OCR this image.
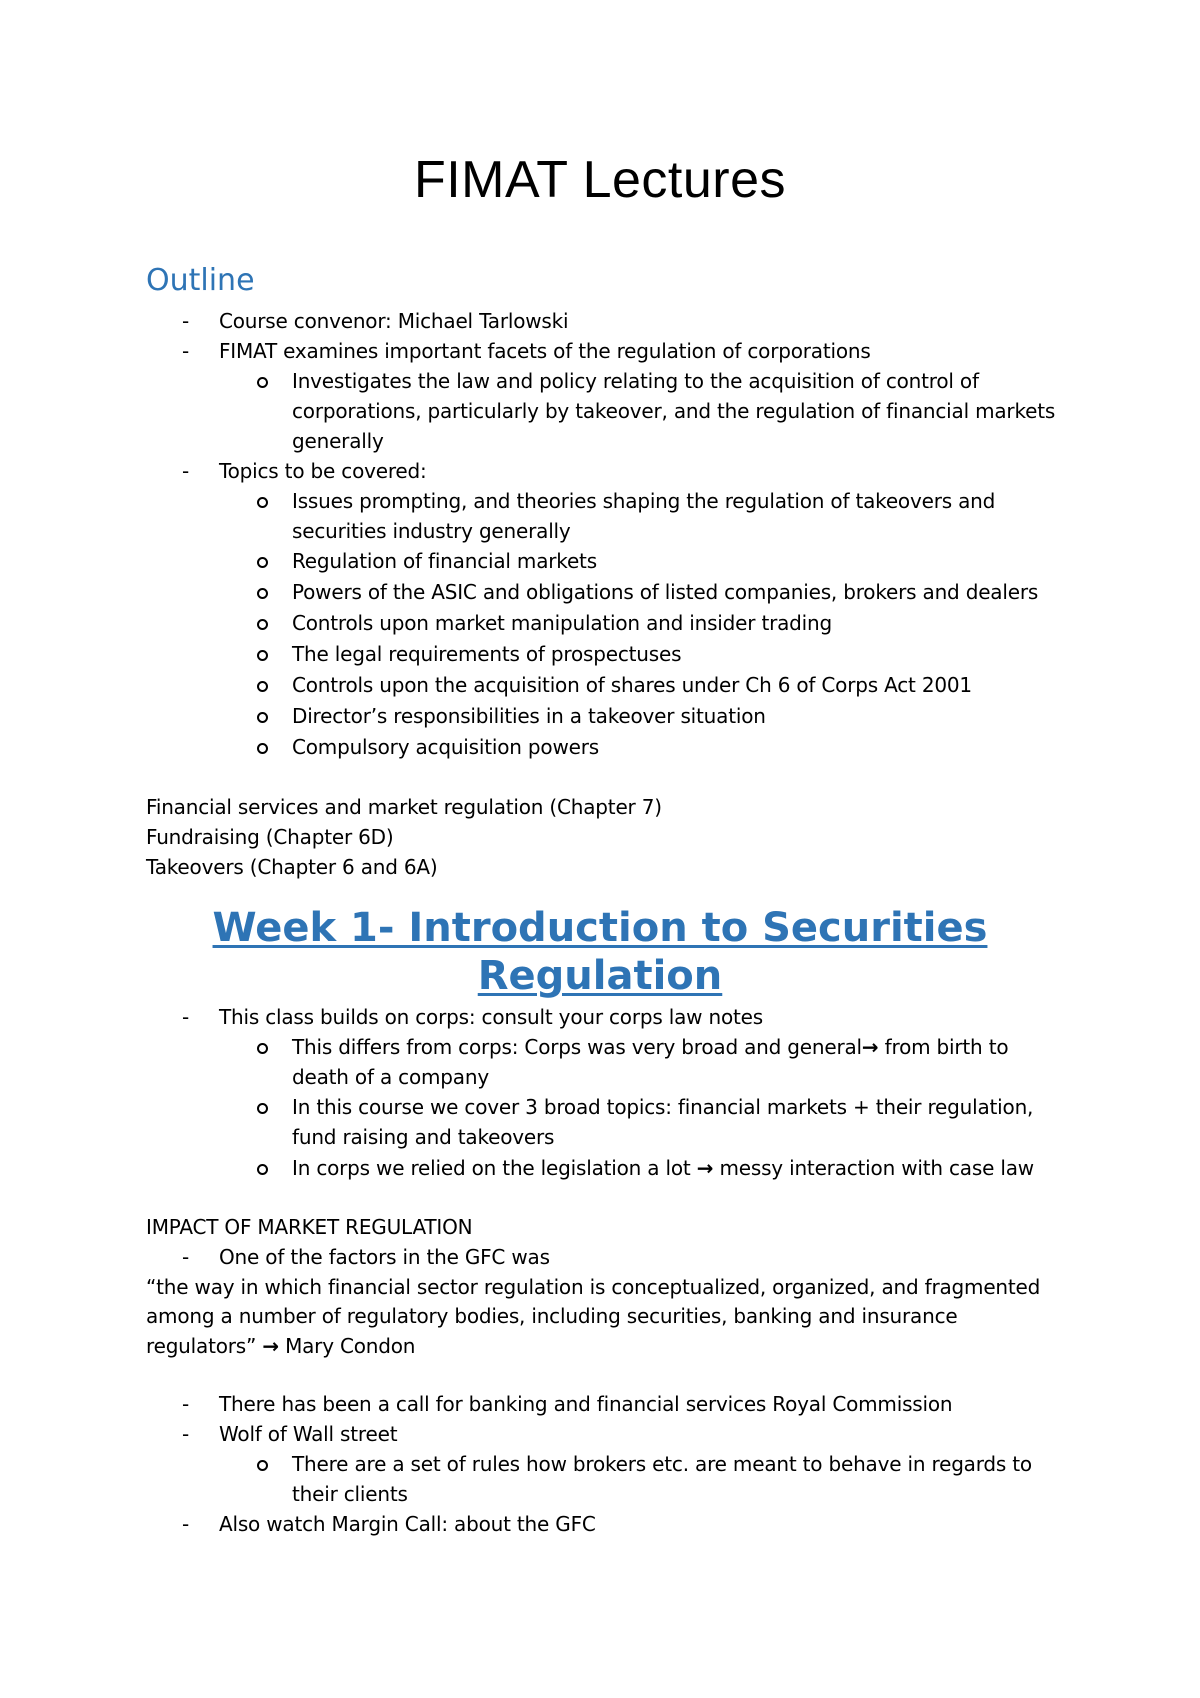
FIMAT Lectures
Outline
- Course convenor: Michael Tarlowski
- FIMAT examines important facets of the regulation of corporations
Investigates the law and policy relating to the acquisition of control of
corporations, particularly by takeover, and the regulation of financial markets
generally
- Topics to be covered:
Issues prompting, and theories shaping the regulation of takeovers and
securities industry generally
Regulation of financial markets
Powers of the ASIC and obligations of listed companies, brokers and dealers
Controls upon market manipulation and insider trading
The legal requirements of prospectuses
Controls upon the acquisition of shares under Ch 6 of Corps Act 2001
Director’s responsibilities in a takeover situation
Compulsory acquisition powers
Financial services and market regulation (Chapter 7)
Fundraising (Chapter 6D)
Takeovers (Chapter 6 and 6A)
Week 1- Introduction to Securities
Regulation
- This class builds on corps: consult your corps law notes
This differs from corps: Corps was very broad and general→ from birth to
death of a company
In this course we cover 3 broad topics: financial markets + their regulation,
fund raising and takeovers
In corps we relied on the legislation a lot → messy interaction with case law
IMPACT OF MARKET REGULATION
- One of the factors in the GFC was
“the way in which financial sector regulation is conceptualized, organized, and fragmented
among a number of regulatory bodies, including securities, banking and insurance
regulators” → Mary Condon
- There has been a call for banking and financial services Royal Commission
- Wolf of Wall street
There are a set of rules how brokers etc. are meant to behave in regards to
their clients
- Also watch Margin Call: about the GFC
